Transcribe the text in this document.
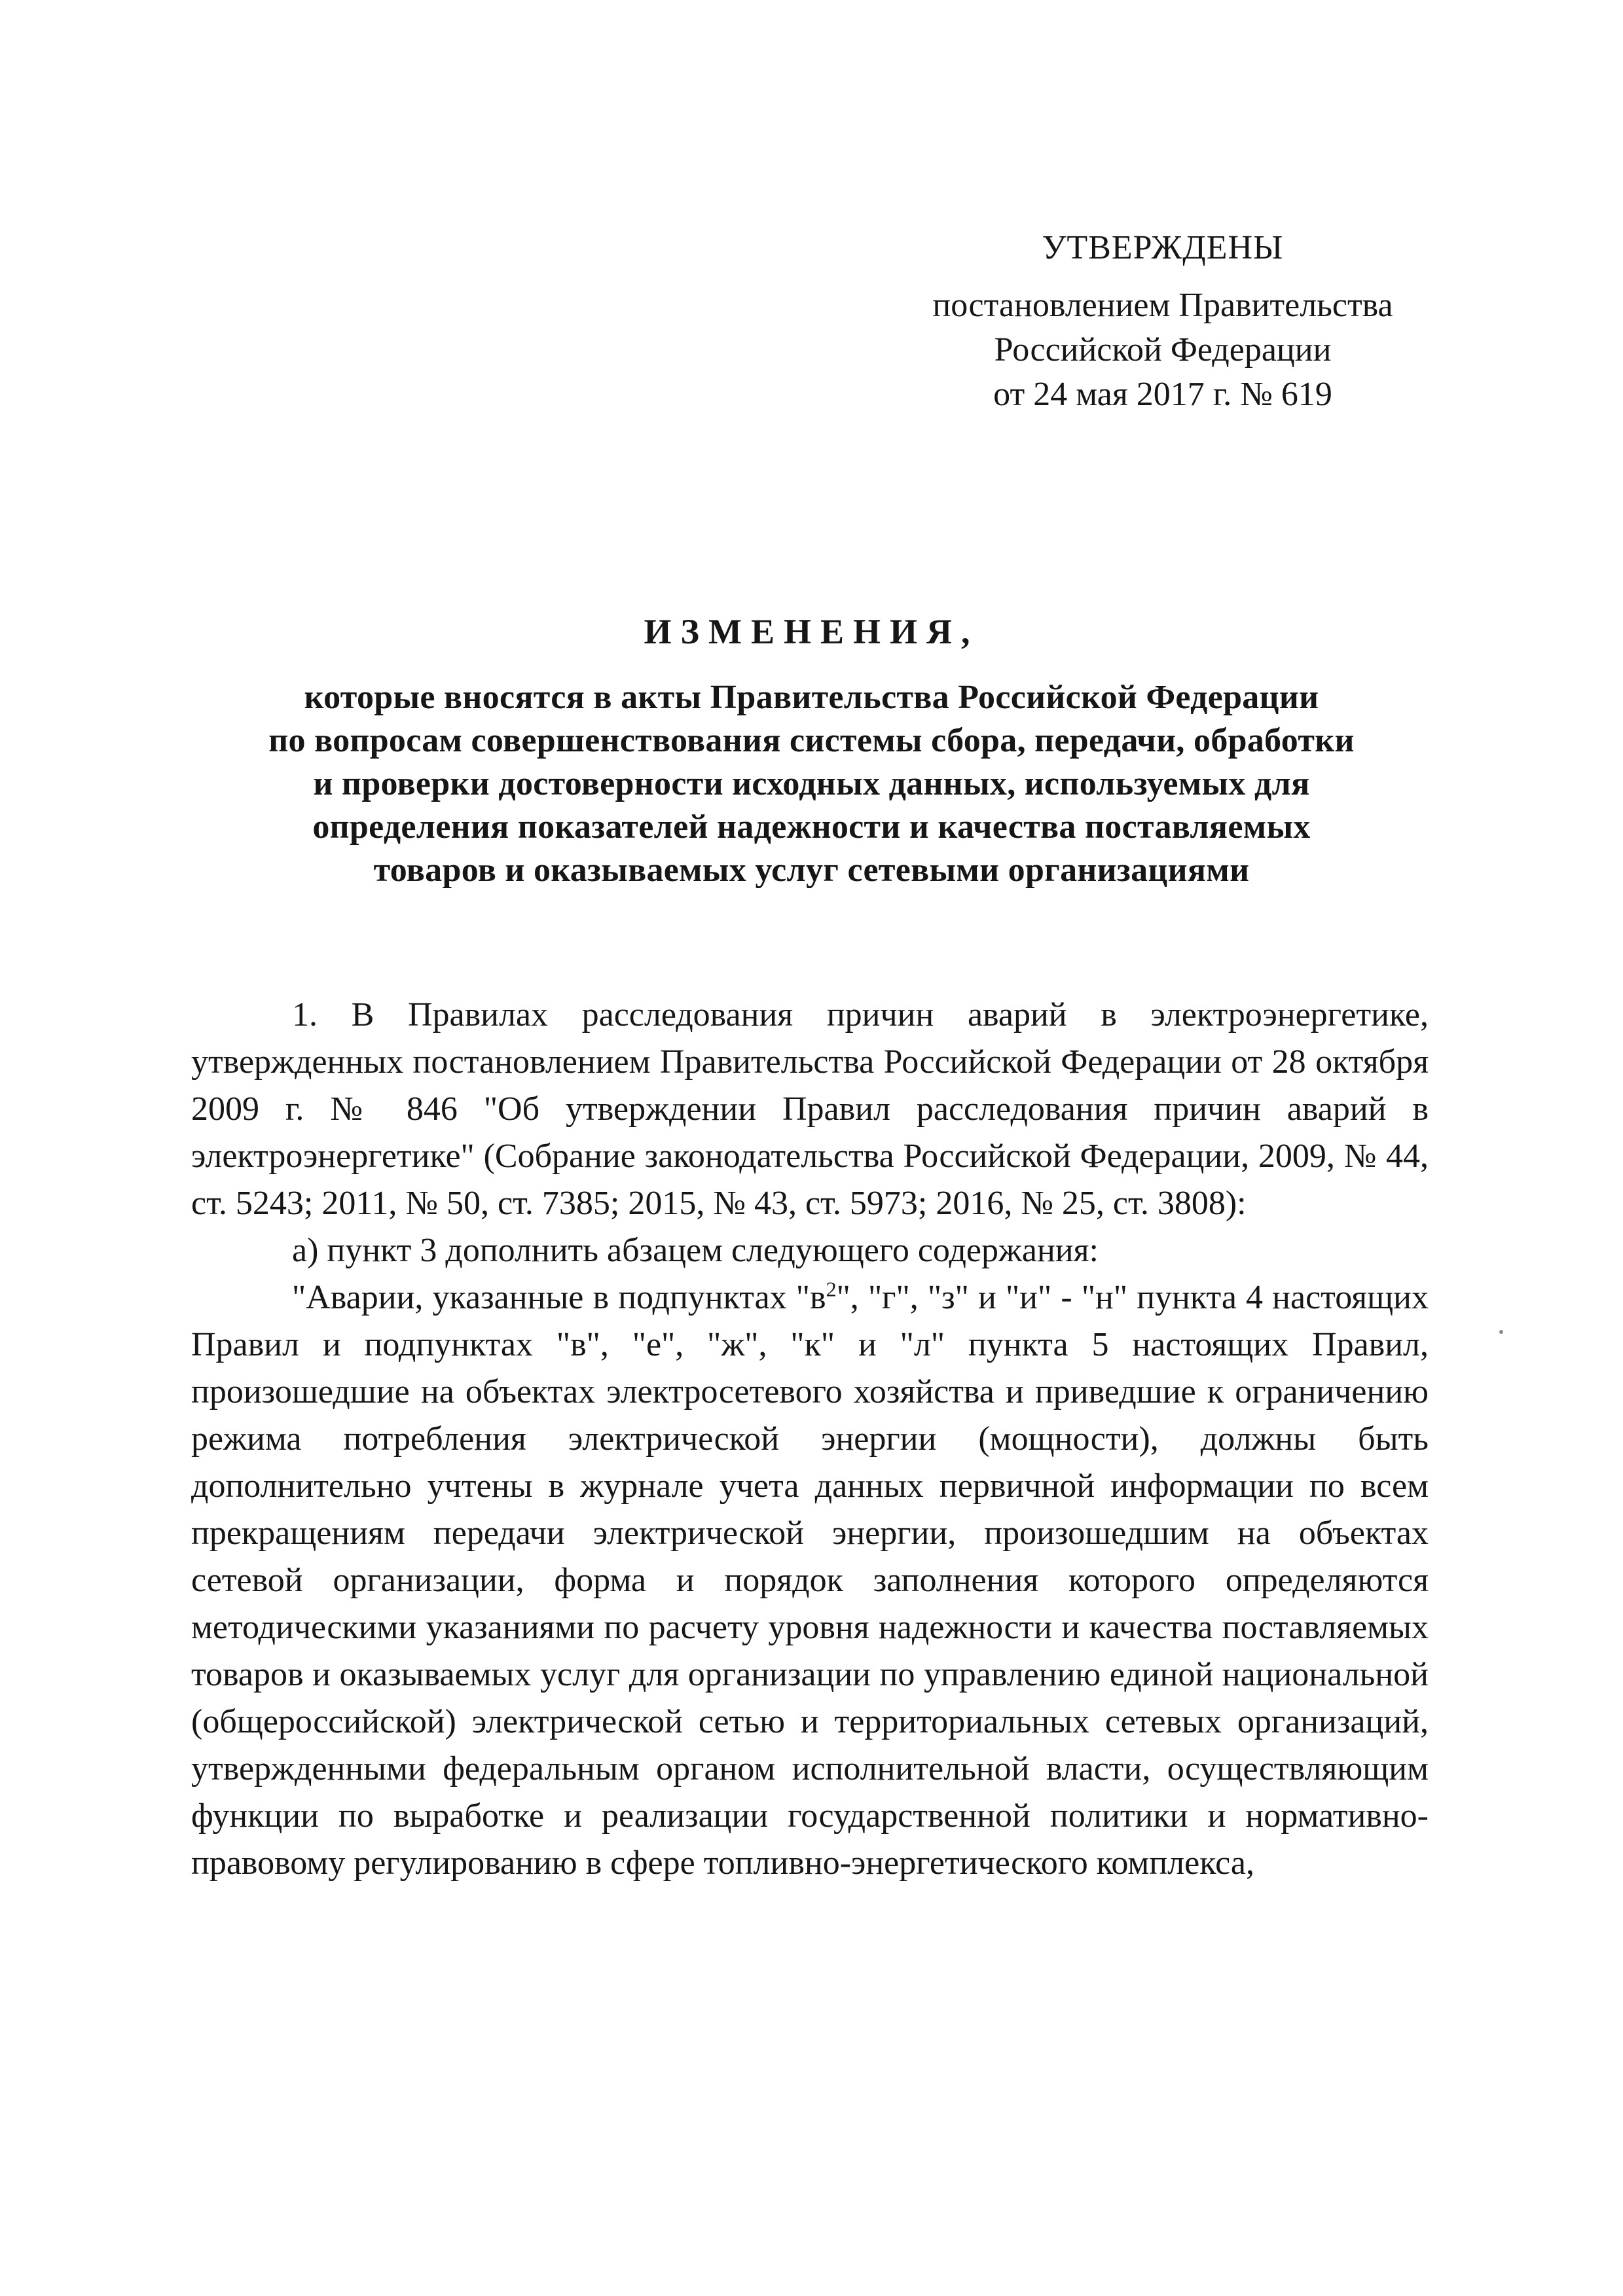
УТВЕРЖДЕНЫ
постановлением Правительства
Российской Федерации
от 24 мая 2017 г. № 619
ИЗМЕНЕНИЯ,
которые вносятся в акты Правительства Российской Федерации
по вопросам совершенствования системы сбора, передачи, обработки
и проверки достоверности исходных данных, используемых для
определения показателей надежности и качества поставляемых
товаров и оказываемых услуг сетевыми организациями

1. В Правилах расследования причин аварий в электроэнергетике, утвержденных постановлением Правительства Российской Федерации от 28 октября 2009 г. № 846 "Об утверждении Правил расследования причин аварий в электроэнергетике" (Собрание законодательства Российской Федерации, 2009, № 44, ст. 5243; 2011, № 50, ст. 7385; 2015, № 43, ст. 5973; 2016, № 25, ст. 3808):

а) пункт 3 дополнить абзацем следующего содержания:

"Аварии, указанные в подпунктах "в$^2$", "г", "з" и "и" - "н" пункта 4 настоящих Правил и подпунктах "в", "е", "ж", "к" и "л" пункта 5 настоящих Правил, произошедшие на объектах электросетевого хозяйства и приведшие к ограничению режима потребления электрической энергии (мощности), должны быть дополнительно учтены в журнале учета данных первичной информации по всем прекращениям передачи электрической энергии, произошедшим на объектах сетевой организации, форма и порядок заполнения которого определяются методическими указаниями по расчету уровня надежности и качества поставляемых товаров и оказываемых услуг для организации по управлению единой национальной (общероссийской) электрической сетью и территориальных сетевых организаций, утвержденными федеральным органом исполнительной власти, осуществляющим функции по выработке и реализации государственной политики и нормативно-правовому регулированию в сфере топливно-энергетического комплекса,
